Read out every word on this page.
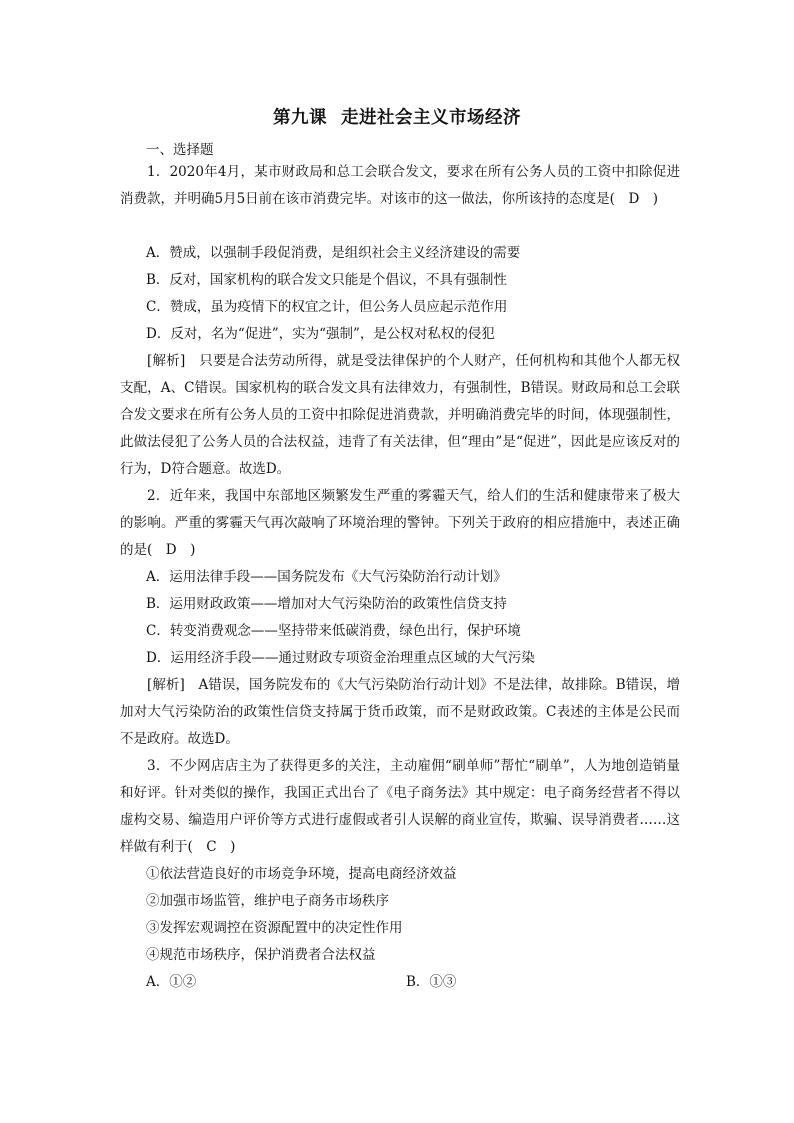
第九课 走进社会主义市场经济
一、选择题

1．2020年4月，某市财政局和总工会联合发文，要求在所有公务人员的工资中扣除促进消费款，并明确5月5日前在该市消费完毕。对该市的这一做法，你所该持的态度是(　D　)

A．赞成，以强制手段促消费，是组织社会主义经济建设的需要
B．反对，国家机构的联合发文只能是个倡议，不具有强制性
C．赞成，虽为疫情下的权宜之计，但公务人员应起示范作用
D．反对，名为“促进”，实为“强制”，是公权对私权的侵犯

[解析]　只要是合法劳动所得，就是受法律保护的个人财产，任何机构和其他个人都无权支配，A、C错误。国家机构的联合发文具有法律效力，有强制性，B错误。财政局和总工会联合发文要求在所有公务人员的工资中扣除促进消费款，并明确消费完毕的时间，体现强制性，此做法侵犯了公务人员的合法权益，违背了有关法律，但“理由”是“促进”，因此是应该反对的行为，D符合题意。故选D。

2．近年来，我国中东部地区频繁发生严重的雾霾天气，给人们的生活和健康带来了极大的影响。严重的雾霾天气再次敲响了环境治理的警钟。下列关于政府的相应措施中，表述正确的是(　D　)

A．运用法律手段——国务院发布《大气污染防治行动计划》
B．运用财政政策——增加对大气污染防治的政策性信贷支持
C．转变消费观念——坚持带来低碳消费，绿色出行，保护环境
D．运用经济手段——通过财政专项资金治理重点区域的大气污染

[解析]　A错误，国务院发布的《大气污染防治行动计划》不是法律，故排除。B错误，增加对大气污染防治的政策性信贷支持属于货币政策，而不是财政政策。C表述的主体是公民而不是政府。故选D。

3．不少网店店主为了获得更多的关注，主动雇佣“刷单师”帮忙“刷单”，人为地创造销量和好评。针对类似的操作，我国正式出台了《电子商务法》其中规定：电子商务经营者不得以虚构交易、编造用户评价等方式进行虚假或者引人误解的商业宣传，欺骗、误导消费者……这样做有利于(　C　)

①依法营造良好的市场竞争环境，提高电商经济效益
②加强市场监管，维护电子商务市场秩序
③发挥宏观调控在资源配置中的决定性作用
④规范市场秩序，保护消费者合法权益
A．①②	B．①③
